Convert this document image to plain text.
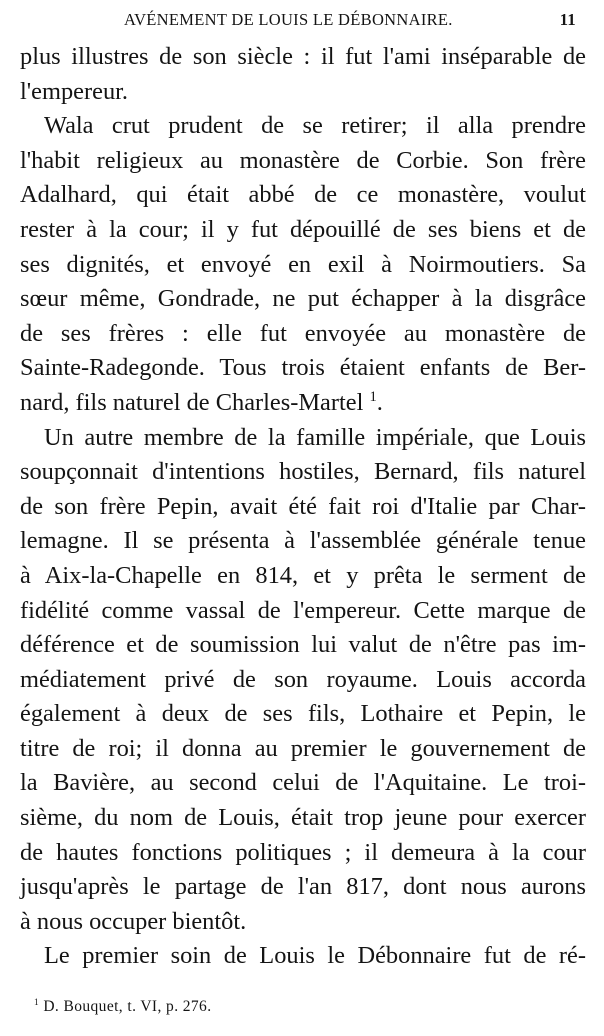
AVÉNEMENT DE LOUIS LE DÉBONNAIRE.	11
plus illustres de son siècle : il fut l'ami inséparable de
l'empereur.
Wala crut prudent de se retirer; il alla prendre
l'habit religieux au monastère de Corbie. Son frère
Adalhard, qui était abbé de ce monastère, voulut
rester à la cour; il y fut dépouillé de ses biens et de
ses dignités, et envoyé en exil à Noirmoutiers. Sa
sœur même, Gondrade, ne put échapper à la disgrâce
de ses frères : elle fut envoyée au monastère de
Sainte-Radegonde. Tous trois étaient enfants de Ber-
nard, fils naturel de Charles-Martel $^1$.
Un autre membre de la famille impériale, que Louis
soupçonnait d'intentions hostiles, Bernard, fils naturel
de son frère Pepin, avait été fait roi d'Italie par Char-
lemagne. Il se présenta à l'assemblée générale tenue
à Aix-la-Chapelle en 814, et y prêta le serment de
fidélité comme vassal de l'empereur. Cette marque de
déférence et de soumission lui valut de n'être pas im-
médiatement privé de son royaume. Louis accorda
également à deux de ses fils, Lothaire et Pepin, le
titre de roi; il donna au premier le gouvernement de
la Bavière, au second celui de l'Aquitaine. Le troi-
sième, du nom de Louis, était trop jeune pour exercer
de hautes fonctions politiques ; il demeura à la cour
jusqu'après le partage de l'an 817, dont nous aurons
à nous occuper bientôt.
Le premier soin de Louis le Débonnaire fut de ré-
$^1$ D. Bouquet, t. VI, p. 276.
